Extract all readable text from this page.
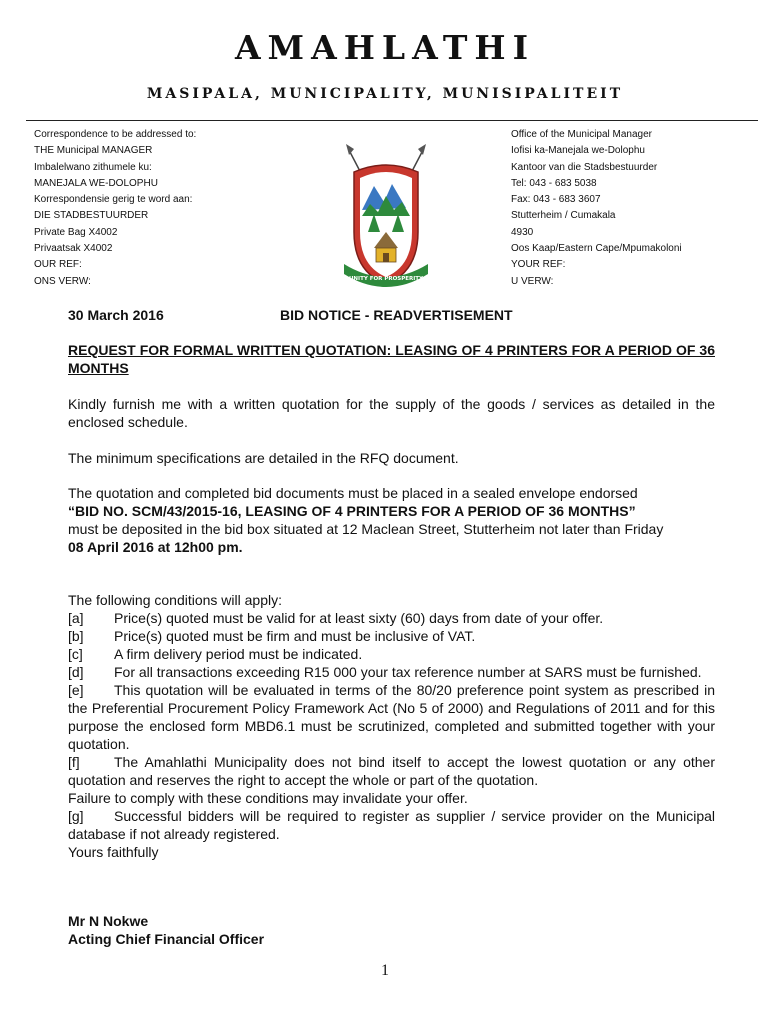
AMAHLATHI
MASIPALA, MUNICIPALITY, MUNISIPALITEIT
Correspondence to be addressed to:
THE Municipal MANAGER
Imbalelwano zithumele ku:
MANEJALA WE-DOLOPHU
Korrespondensie gerig te word aan:
DIE STADBESTUURDER
Private Bag X4002
Privaatsak X4002
OUR REF:
ONS VERW:	UNITY FOR PROSPERITY
Office of the Municipal Manager
Iofisi ka-Manejala we-Dolophu
Kantoor van die Stadsbestuurder
Tel: 043 - 683 5038
Fax: 043 - 683 3607
Stutterheim / Cumakala
4930
Oos Kaap/Eastern Cape/Mpumakoloni
YOUR REF:
U VERW:
30 March 2016	BID NOTICE - READVERTISEMENT
REQUEST FOR FORMAL WRITTEN QUOTATION: LEASING OF 4 PRINTERS FOR A PERIOD OF 36 MONTHS
Kindly furnish me with a written quotation for the supply of the goods / services as detailed in the enclosed schedule.
The minimum specifications are detailed in the RFQ document.
The quotation and completed bid documents must be placed in a sealed envelope endorsed
“BID NO. SCM/43/2015-16, LEASING OF 4 PRINTERS FOR A PERIOD OF 36 MONTHS”
must be deposited in the bid box situated at 12 Maclean Street, Stutterheim not later than Friday
08 April 2016 at 12h00 pm.
The following conditions will apply:
[a] Price(s) quoted must be valid for at least sixty (60) days from date of your offer.
[b] Price(s) quoted must be firm and must be inclusive of VAT.
[c] A firm delivery period must be indicated.
[d] For all transactions exceeding R15 000 your tax reference number at SARS must be furnished.
[e] This quotation will be evaluated in terms of the 80/20 preference point system as prescribed in the Preferential Procurement Policy Framework Act (No 5 of 2000) and Regulations of 2011 and for this purpose the enclosed form MBD6.1 must be scrutinized, completed and submitted together with your quotation.
[f] The Amahlathi Municipality does not bind itself to accept the lowest quotation or any other quotation and reserves the right to accept the whole or part of the quotation.
Failure to comply with these conditions may invalidate your offer.
[g] Successful bidders will be required to register as supplier / service provider on the Municipal database if not already registered.
Yours faithfully
Mr N Nokwe
Acting Chief Financial Officer
1
